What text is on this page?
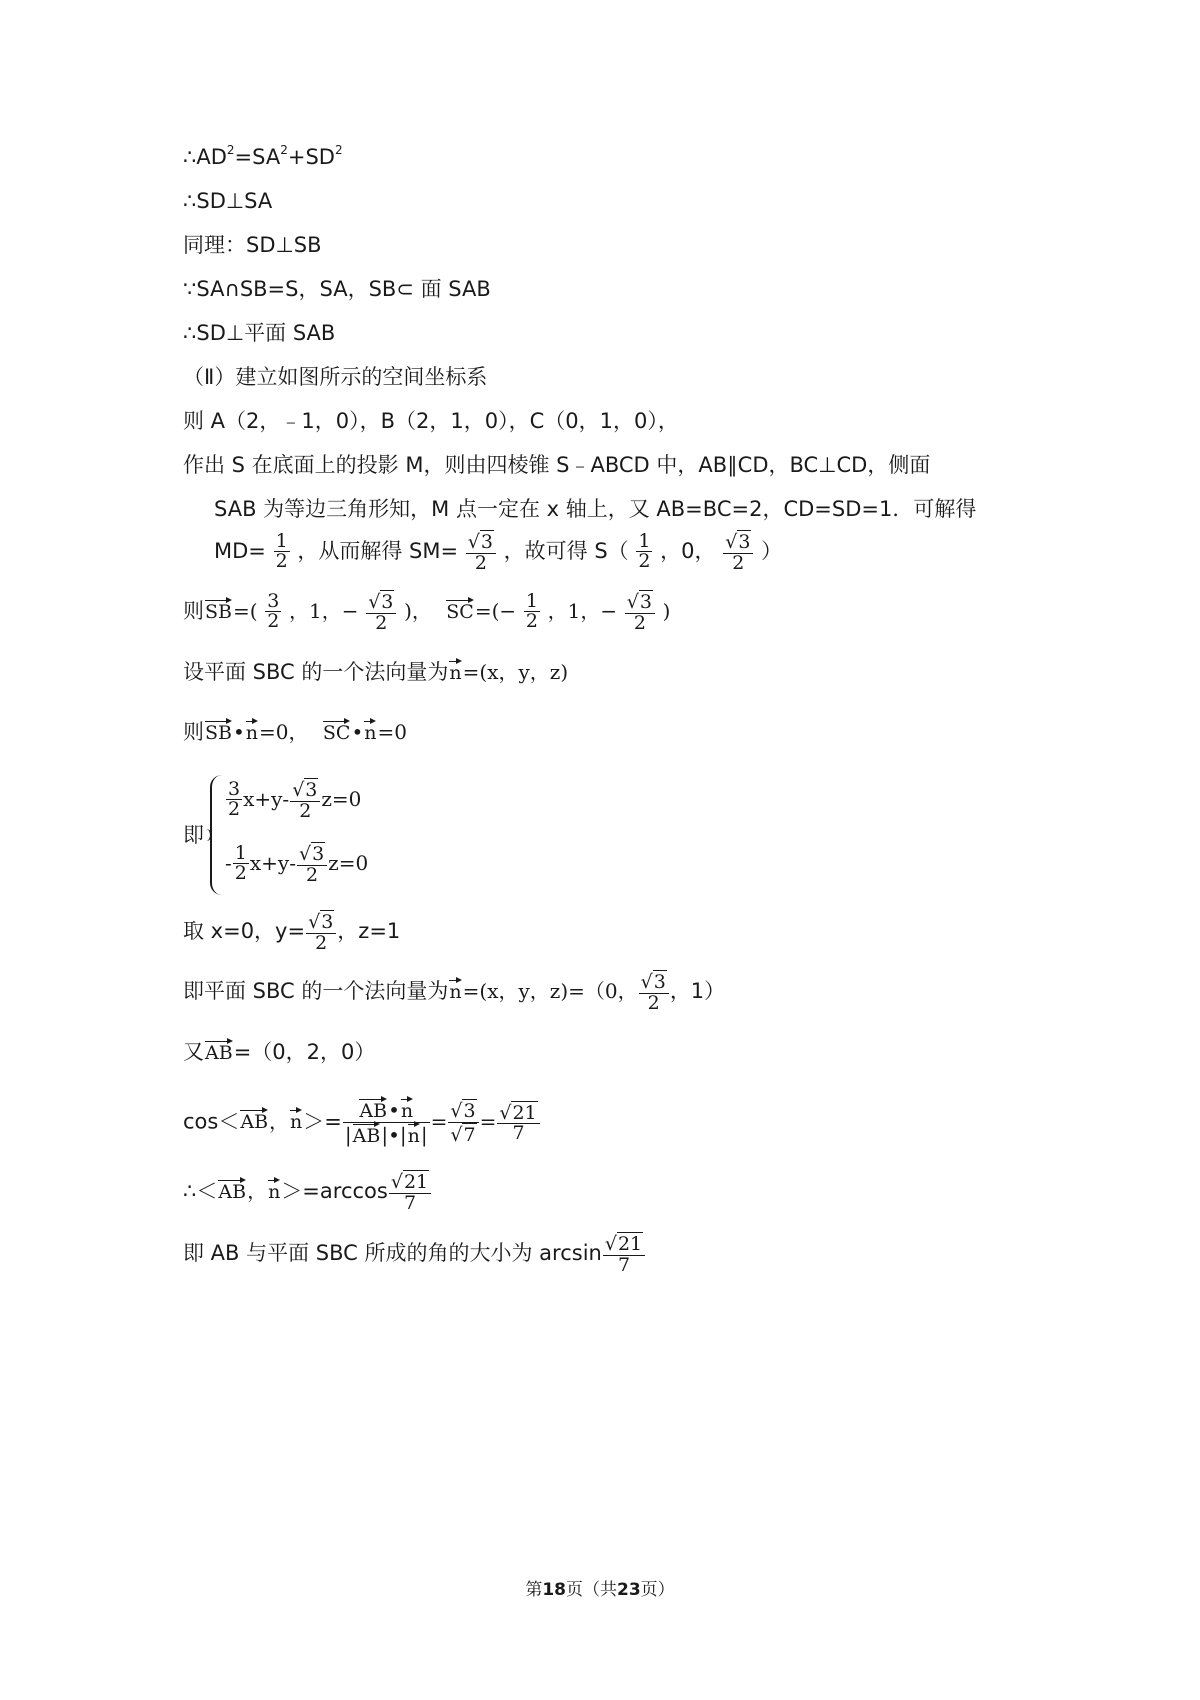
$\therefore AD^2=SA^2+SD^2$
∴SD⊥SA
同理：SD⊥SB
∵SA∩SB=S，SA，SB⊂ 面 SAB
∴SD⊥平面 SAB
（Ⅱ）建立如图所示的空间坐标系
则 A（2，﹣1，0），B（2，1，0），C（0，1，0），
作出 S 在底面上的投影 M，则由四棱锥 S﹣ABCD 中，AB∥CD，BC⊥CD，侧面
SAB 为等边三角形知，M 点一定在 x 轴上，又 AB=BC=2，CD=SD=1．可解得
$MD= \frac{1}{2}$ ，从而解得 $SM= \frac{√3}{2}$ ，故可得 $S( \frac{1}{2}$ ，0， $\frac{√3}{2}$ ）
则$SB=( \frac{3}{2}$ ，1，− $\frac{√3}{2}$ )， $SC=(- \frac{1}{2}$ ，1，− $\frac{√3}{2}$ )
设平面 SBC 的一个法向量为n=(x，y，z)
则SB•n=0， SC•n=0
即
$\frac{3}{2} x+y- \frac{√3}{2} z=0$
- $\frac{1}{2} x+y- \frac{√3}{2} z=0$
取 x=0，$y= \frac{√3}{2}$ ，z=1
即平面 SBC 的一个法向量为n=(x，y，z)=（0， $\frac{√3}{2}$ ，1）
又AB=（0，2，0）
cos＜AB，$n>= \frac{AB•n}{|AB|•|n|} = \frac{√3}{√7} = \frac{√21}{7}$
∴＜AB，$n>=\arccos \frac{√21}{7}$
即 AB 与平面 SBC 所成的角的大小为 $\arcsin \frac{√21}{7}$
第18页（共23页）
